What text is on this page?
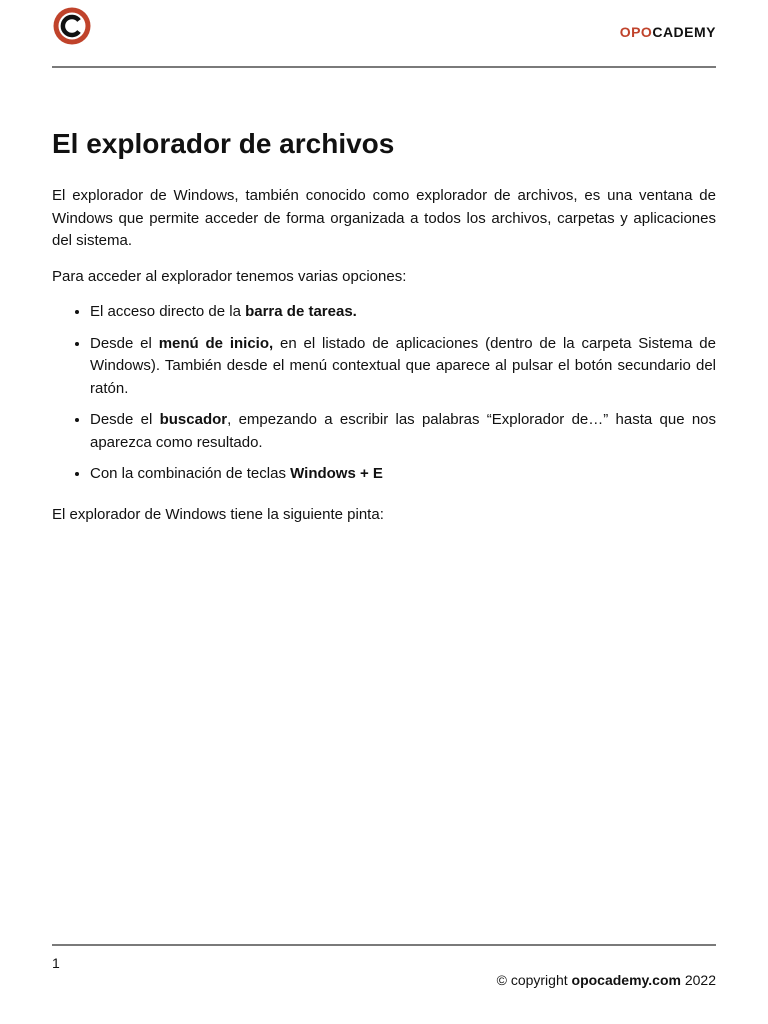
OPOCADEMY
El explorador de archivos

El explorador de Windows, también conocido como explorador de archivos, es una ventana de Windows que permite acceder de forma organizada a todos los archivos, carpetas y aplicaciones del sistema.

Para acceder al explorador tenemos varias opciones:

• El acceso directo de la barra de tareas.
• Desde el menú de inicio, en el listado de aplicaciones (dentro de la carpeta Sistema de Windows). También desde el menú contextual que aparece al pulsar el botón secundario del ratón.
• Desde el buscador, empezando a escribir las palabras “Explorador de…” hasta que nos aparezca como resultado.
• Con la combinación de teclas Windows + E

El explorador de Windows tiene la siguiente pinta:

1
© copyright opocademy.com 2022
